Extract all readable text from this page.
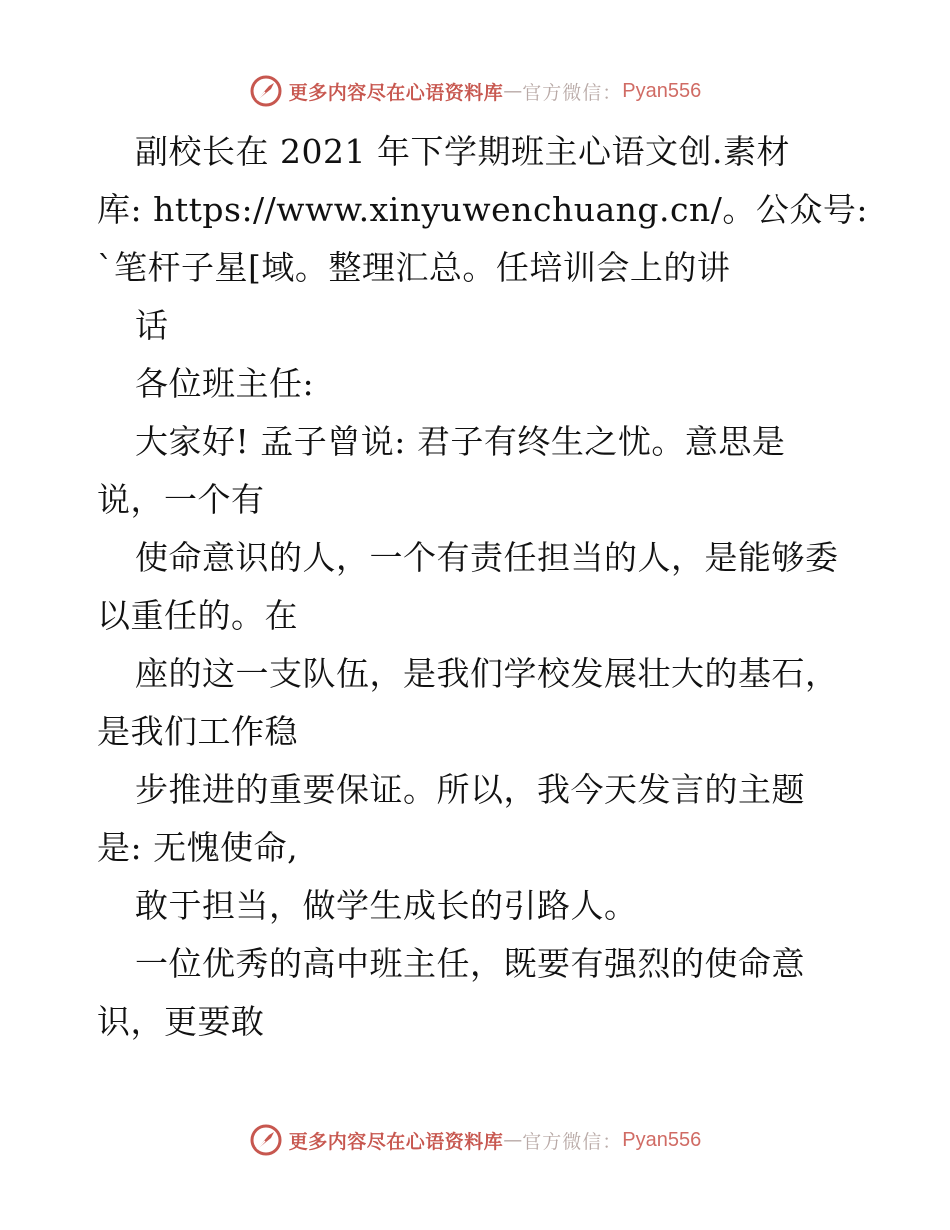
更多内容尽在心语资料库 — 官方微信： Pyan556
副校长在 2021 年下学期班主心语文创.素材
库: https://www.xinyuwenchuang.cn/。公众号:
`笔杆子星[域。整理汇总。任培训会上的讲
话
各位班主任:
大家好! 孟子曾说: 君子有终生之忧。意思是
说，一个有
使命意识的人，一个有责任担当的人，是能够委
以重任的。在
座的这一支队伍，是我们学校发展壮大的基石，
是我们工作稳
步推进的重要保证。所以，我今天发言的主题
是: 无愧使命,
敢于担当，做学生成长的引路人。
一位优秀的高中班主任，既要有强烈的使命意
识，更要敢
更多内容尽在心语资料库 — 官方微信： Pyan556
